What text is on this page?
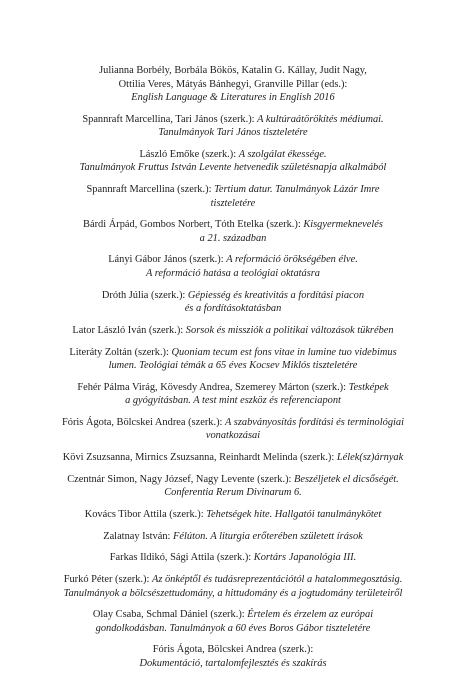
Julianna Borbély, Borbála Bökös, Katalin G. Kállay, Judit Nagy,
Ottilia Veres, Mátyás Bánhegyi, Granville Pillar (eds.):
English Language & Literatures in English 2016
Spannraft Marcellina, Tari János (szerk.): A kultúraátörökítés médiumai.
Tanulmányok Tari János tiszteletére
László Emőke (szerk.): A szolgálat ékessége.
Tanulmányok Fruttus István Levente hetvenedik születésnapja alkalmából
Spannraft Marcellina (szerk.): Tertium datur. Tanulmányok Lázár Imre
tiszteletére
Bárdi Árpád, Gombos Norbert, Tóth Etelka (szerk.): Kisgyermeknevelés
a 21. században
Lányi Gábor János (szerk.): A reformáció örökségében élve.
A reformáció hatása a teológiai oktatásra
Dróth Júlia (szerk.): Gépiesség és kreativitás a fordítási piacon
és a fordításoktatásban
Lator László Iván (szerk.): Sorsok és missziók a politikai változások tükrében
Literáty Zoltán (szerk.): Quoniam tecum est fons vitae in lumine tuo videbimus
lumen. Teológiai témák a 65 éves Kocsev Miklós tiszteletére
Fehér Pálma Virág, Kövesdy Andrea, Szemerey Márton (szerk.): Testképek
a gyógyításban. A test mint eszköz és referenciapont
Fóris Ágota, Bölcskei Andrea (szerk.): A szabványosítás fordítási és terminológiai
vonatkozásai
Kövi Zsuzsanna, Mirnics Zsuzsanna, Reinhardt Melinda (szerk.): Lélek(sz)árnyak
Czentnár Simon, Nagy József, Nagy Levente (szerk.): Beszéljetek el dicsőségét.
Conferentia Rerum Divinarum 6.
Kovács Tibor Attila (szerk.): Tehetségek hite. Hallgatói tanulmánykötet
Zalatnay István: Félúton. A liturgia erőterében született írások
Farkas Ildikó, Sági Attila (szerk.): Kortárs Japanológia III.
Furkó Péter (szerk.): Az önképtől és tudásreprezentációtól a hatalommegosztásig.
Tanulmányok a bölcsészettudomány, a hittudomány és a jogtudomány területeiről
Olay Csaba, Schmal Dániel (szerk.): Értelem és érzelem az európai
gondolkodásban. Tanulmányok a 60 éves Boros Gábor tiszteletére
Fóris Ágota, Bölcskei Andrea (szerk.):
Dokumentáció, tartalomfejlesztés és szakírás
